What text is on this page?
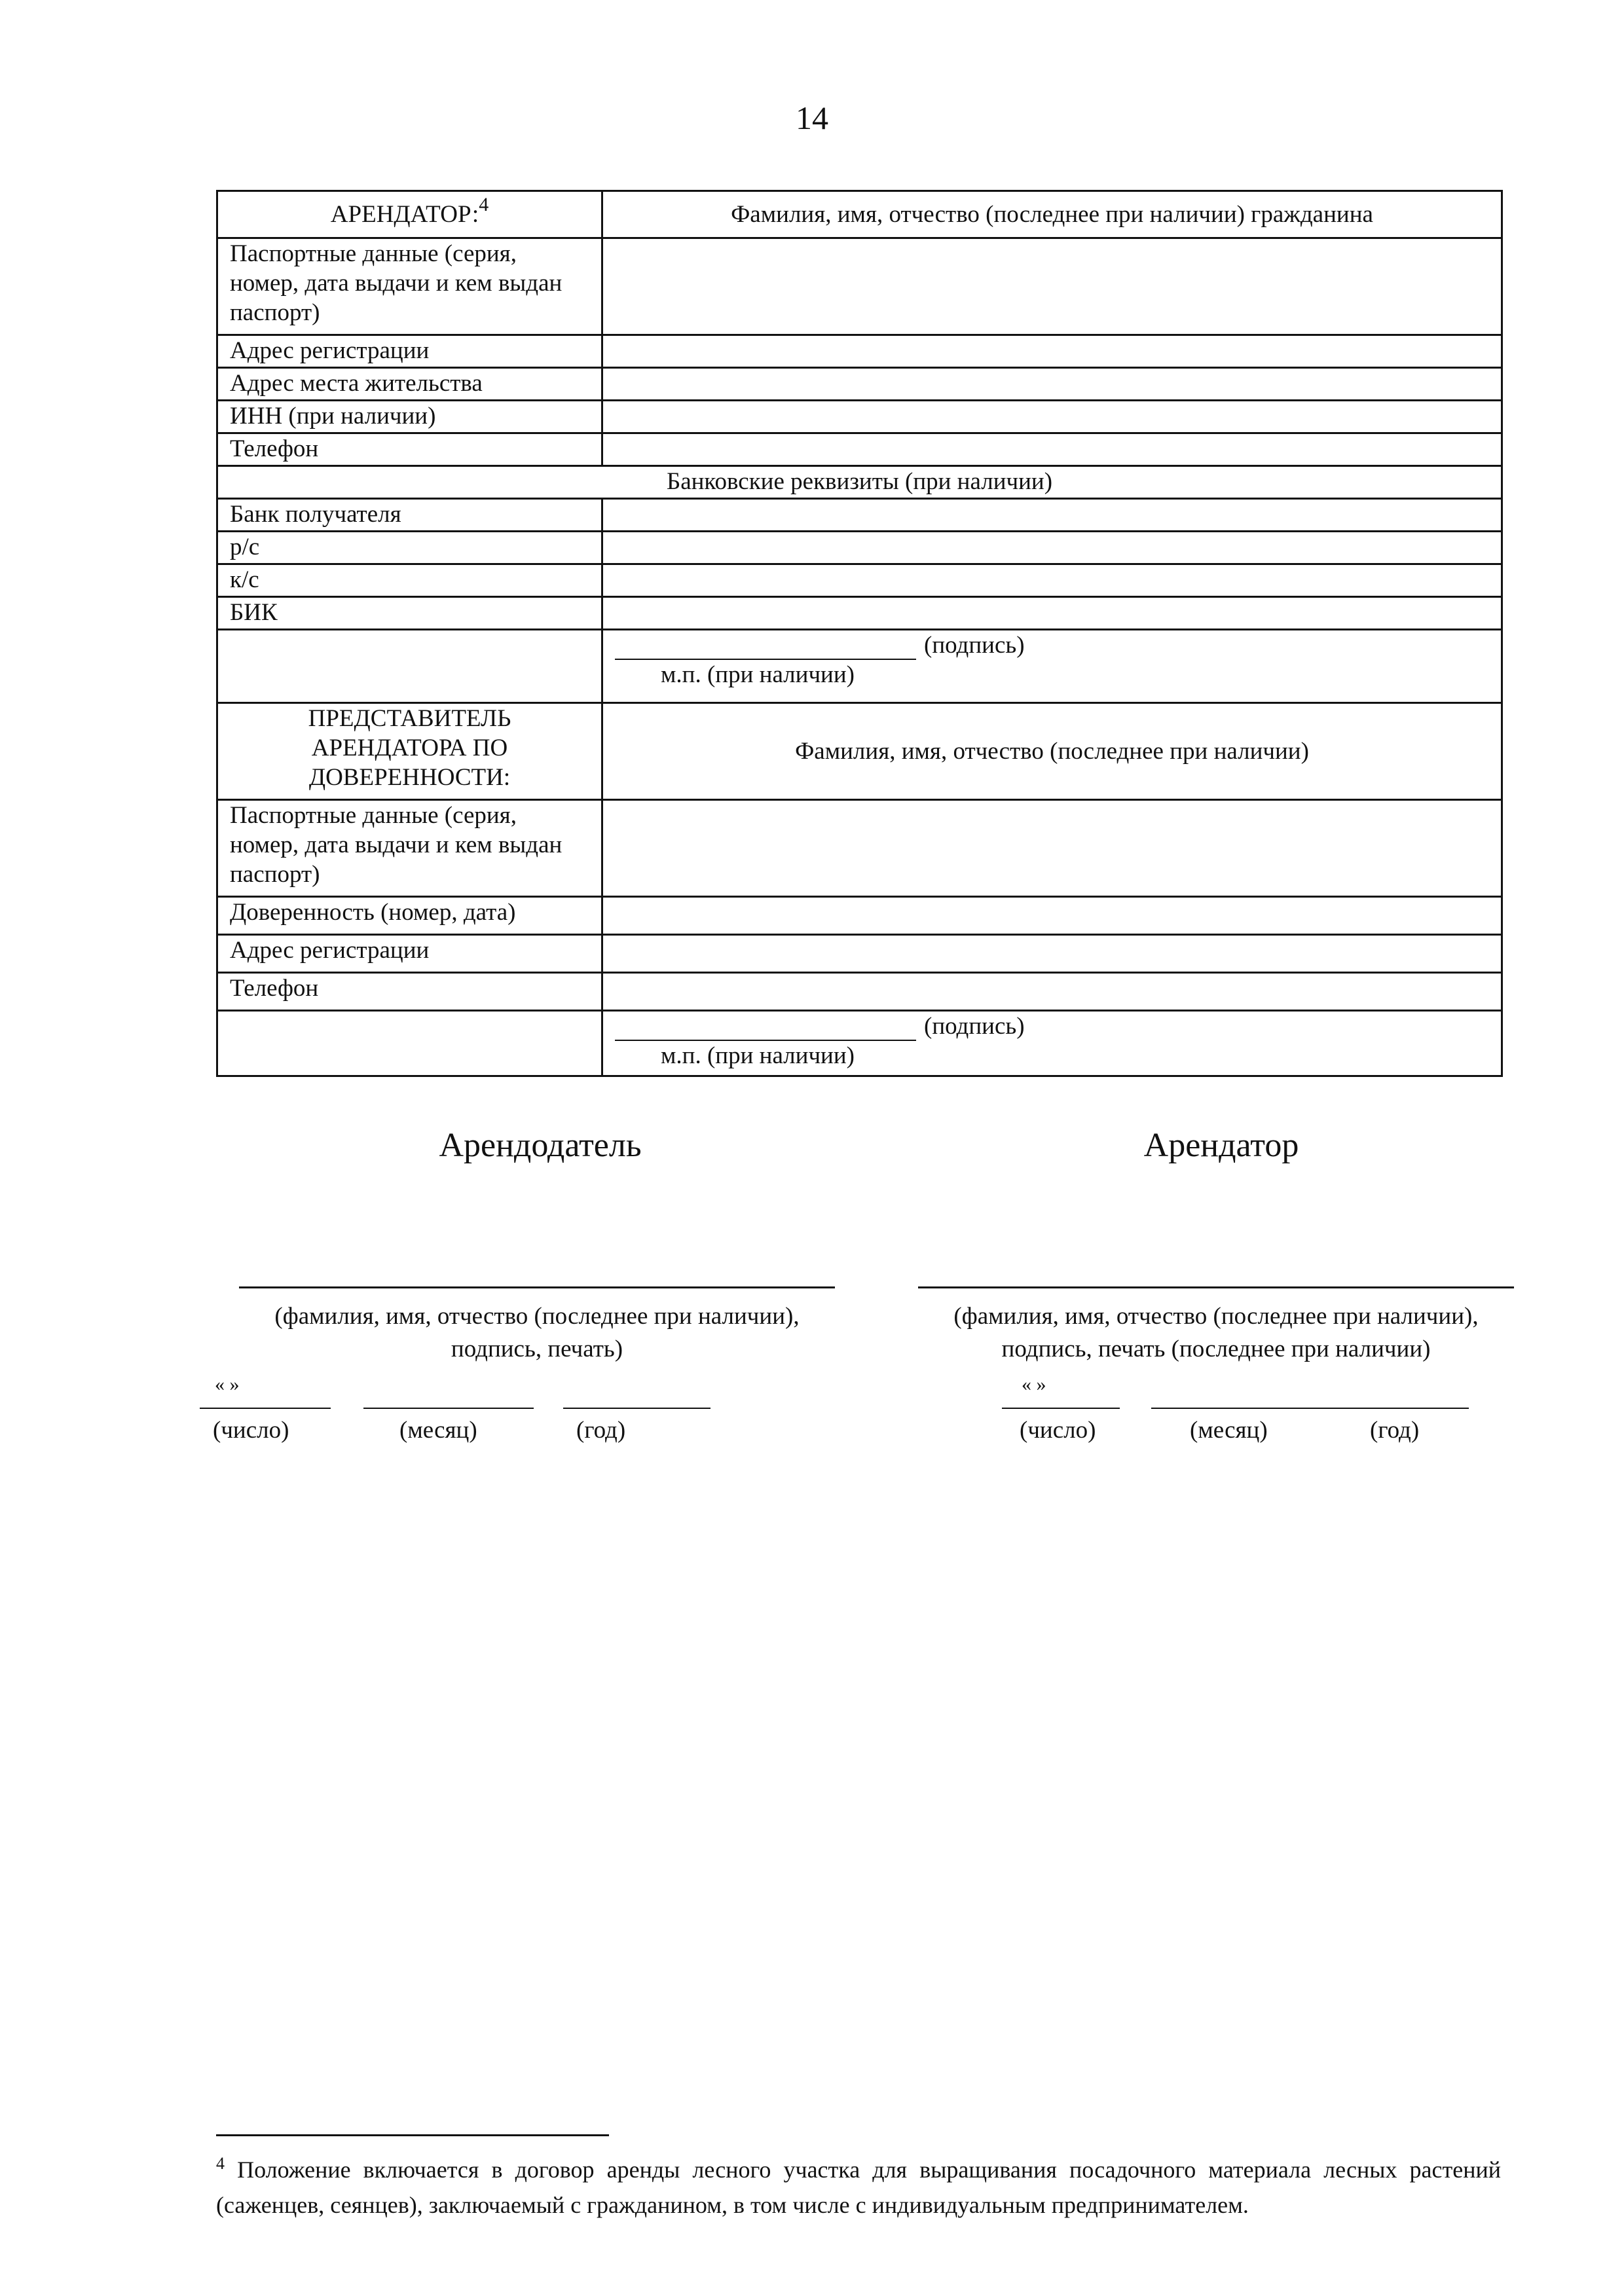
14
АРЕНДАТОР:$^4$	Фамилия, имя, отчество (последнее при наличии) гражданина
Паспортные данные (серия, номер, дата выдачи и кем выдан паспорт)	
Адрес регистрации	
Адрес места жительства	
ИНН (при наличии)	
Телефон	
Банковские реквизиты (при наличии)	
Банк получателя	
р/с	
к/с	
БИК	

	(подпись)
м.п. (при наличии)

ПРЕДСТАВИТЕЛЬ АРЕНДАТОРА ПО ДОВЕРЕННОСТИ:	Фамилия, имя, отчество (последнее при наличии)
Паспортные данные (серия, номер, дата выдачи и кем выдан паспорт)	
Доверенность (номер, дата)	
Адрес регистрации	
Телефон	

	(подпись)
м.п. (при наличии)
Арендодатель
(фамилия, имя, отчество (последнее при наличии),
подпись, печать)
« »
(число)	(месяц)	(год)
Арендатор
(фамилия, имя, отчество (последнее при наличии),
подпись, печать (последнее при наличии)
« »
(число)	(месяц)	(год)
$^4$ Положение включается в договор аренды лесного участка для выращивания посадочного материала лесных растений (саженцев, сеянцев), заключаемый с гражданином, в том числе с индивидуальным предпринимателем.
